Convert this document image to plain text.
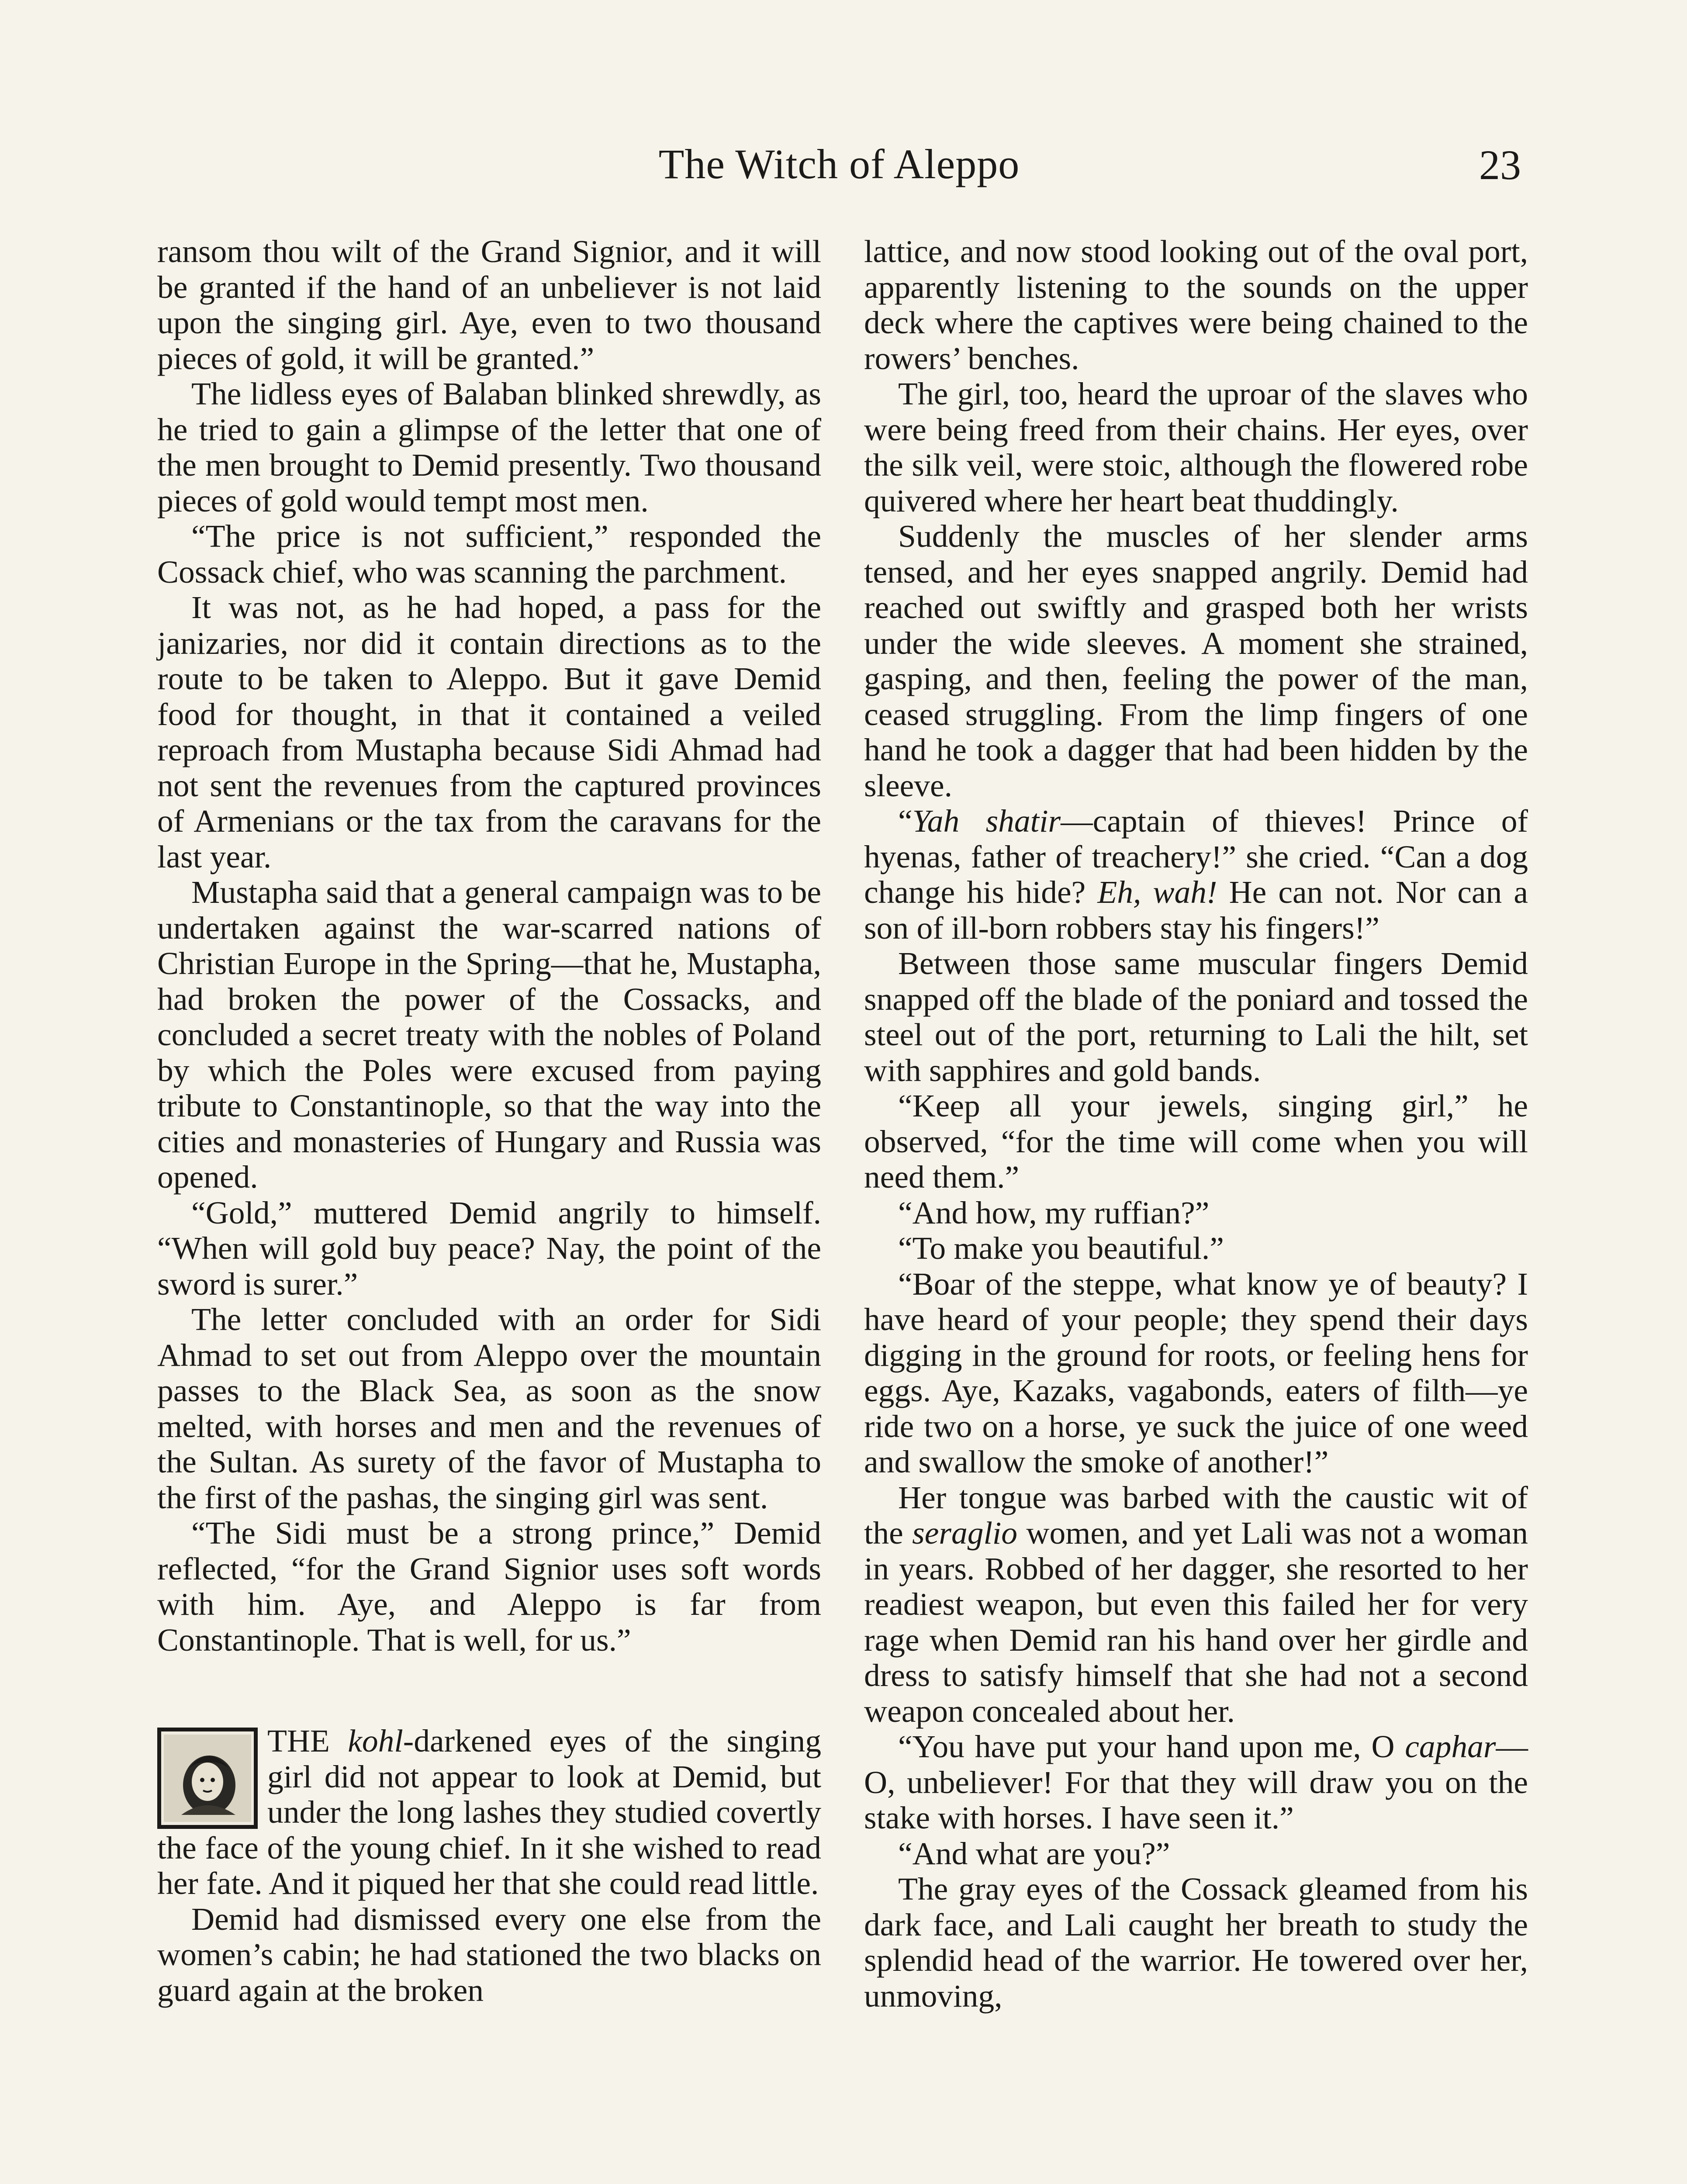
The Witch of Aleppo	23

ransom thou wilt of the Grand Signior, and it will be granted if the hand of an unbeliever is not laid upon the singing girl. Aye, even to two thousand pieces of gold, it will be granted.”

The lidless eyes of Balaban blinked shrewdly, as he tried to gain a glimpse of the letter that one of the men brought to Demid presently. Two thousand pieces of gold would tempt most men.

“The price is not sufficient,” responded the Cossack chief, who was scanning the parchment.

It was not, as he had hoped, a pass for the janizaries, nor did it contain directions as to the route to be taken to Aleppo. But it gave Demid food for thought, in that it contained a veiled reproach from Mustapha because Sidi Ahmad had not sent the revenues from the captured provinces of Armenians or the tax from the caravans for the last year.

Mustapha said that a general campaign was to be undertaken against the war-scarred nations of Christian Europe in the Spring—that he, Mustapha, had broken the power of the Cossacks, and concluded a secret treaty with the nobles of Poland by which the Poles were excused from paying tribute to Constantinople, so that the way into the cities and monasteries of Hungary and Russia was opened.

“Gold,” muttered Demid angrily to himself. “When will gold buy peace? Nay, the point of the sword is surer.”

The letter concluded with an order for Sidi Ahmad to set out from Aleppo over the mountain passes to the Black Sea, as soon as the snow melted, with horses and men and the revenues of the Sultan. As surety of the favor of Mustapha to the first of the pashas, the singing girl was sent.

“The Sidi must be a strong prince,” Demid reflected, “for the Grand Signior uses soft words with him. Aye, and Aleppo is far from Constantinople. That is well, for us.”

THE kohl-darkened eyes of the singing girl did not appear to look at Demid, but under the long lashes they studied covertly the face of the young chief. In it she wished to read her fate. And it piqued her that she could read little.

Demid had dismissed every one else from the women’s cabin; he had stationed the two blacks on guard again at the broken

lattice, and now stood looking out of the oval port, apparently listening to the sounds on the upper deck where the captives were being chained to the rowers’ benches.

The girl, too, heard the uproar of the slaves who were being freed from their chains. Her eyes, over the silk veil, were stoic, although the flowered robe quivered where her heart beat thuddingly.

Suddenly the muscles of her slender arms tensed, and her eyes snapped angrily. Demid had reached out swiftly and grasped both her wrists under the wide sleeves. A moment she strained, gasping, and then, feeling the power of the man, ceased struggling. From the limp fingers of one hand he took a dagger that had been hidden by the sleeve.

“Yah shatir—captain of thieves! Prince of hyenas, father of treachery!” she cried. “Can a dog change his hide? Eh, wah! He can not. Nor can a son of ill-born robbers stay his fingers!”

Between those same muscular fingers Demid snapped off the blade of the poniard and tossed the steel out of the port, returning to Lali the hilt, set with sapphires and gold bands.

“Keep all your jewels, singing girl,” he observed, “for the time will come when you will need them.”

“And how, my ruffian?”

“To make you beautiful.”

“Boar of the steppe, what know ye of beauty? I have heard of your people; they spend their days digging in the ground for roots, or feeling hens for eggs. Aye, Kazaks, vagabonds, eaters of filth—ye ride two on a horse, ye suck the juice of one weed and swallow the smoke of another!”

Her tongue was barbed with the caustic wit of the seraglio women, and yet Lali was not a woman in years. Robbed of her dagger, she resorted to her readiest weapon, but even this failed her for very rage when Demid ran his hand over her girdle and dress to satisfy himself that she had not a second weapon concealed about her.

“You have put your hand upon me, O caphar—O, unbeliever! For that they will draw you on the stake with horses. I have seen it.”

“And what are you?”

The gray eyes of the Cossack gleamed from his dark face, and Lali caught her breath to study the splendid head of the warrior. He towered over her, unmoving,
